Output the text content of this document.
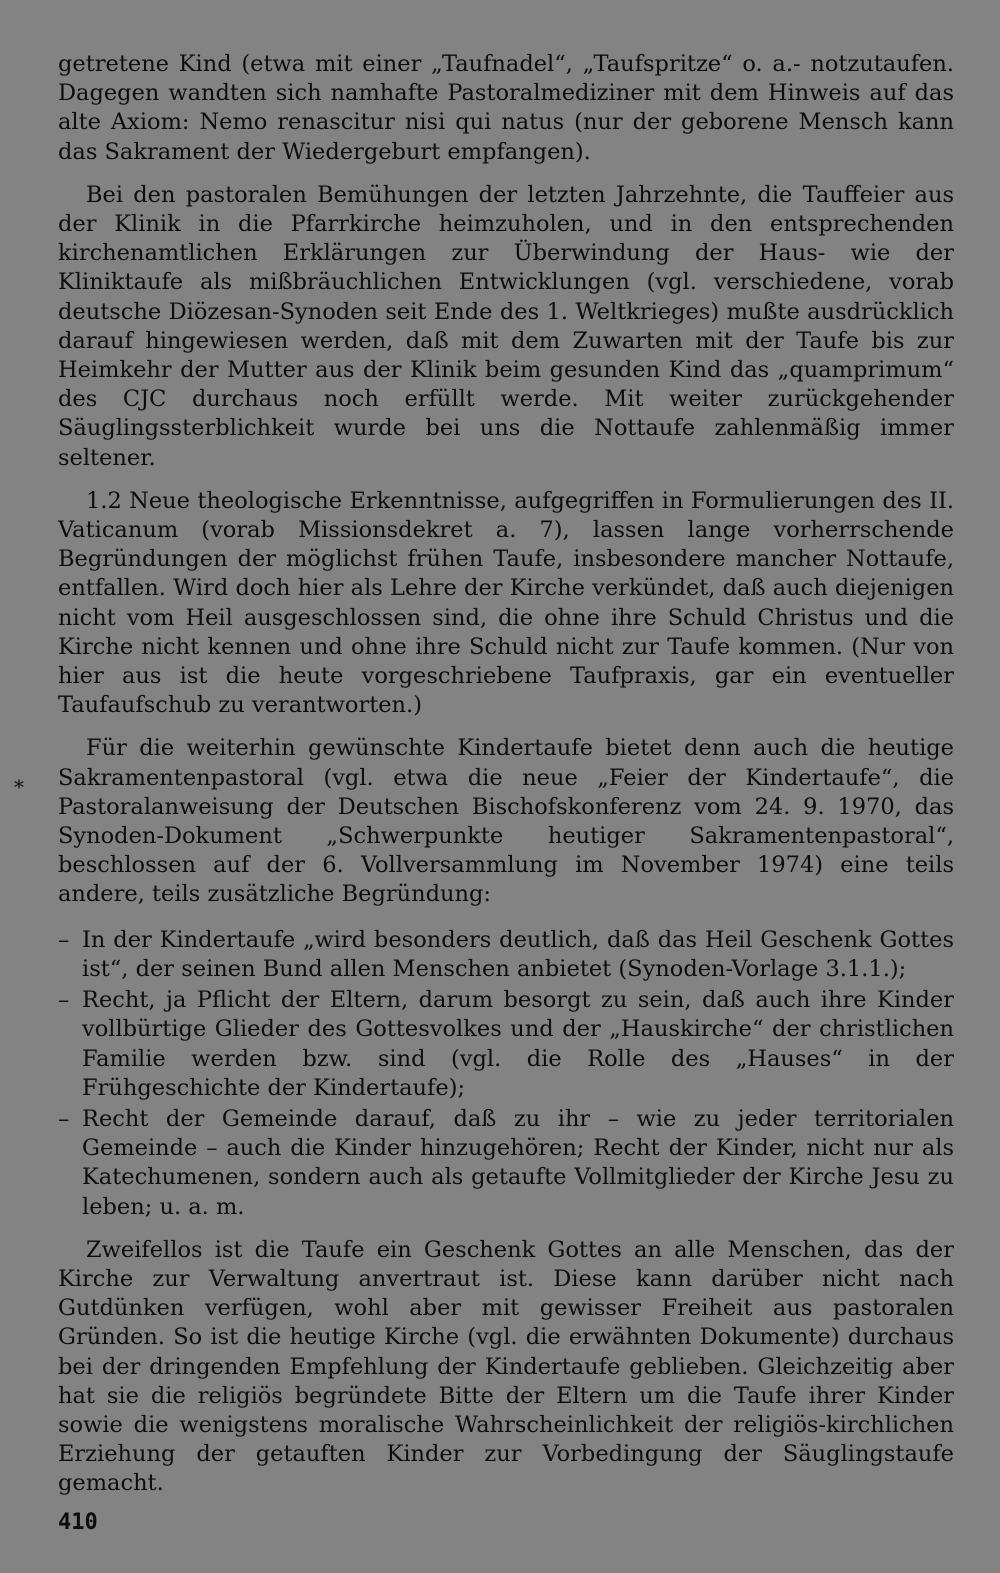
*

getretene Kind (etwa mit einer „Taufnadel“, „Taufspritze“ o. a.- notzutaufen. Dagegen wandten sich namhafte Pastoralmediziner mit dem Hinweis auf das alte Axiom: Nemo renascitur nisi qui natus (nur der geborene Mensch kann das Sakrament der Wiedergeburt empfangen).

Bei den pastoralen Bemühungen der letzten Jahrzehnte, die Tauffeier aus der Klinik in die Pfarrkirche heimzuholen, und in den entsprechenden kirchenamtlichen Erklärungen zur Überwindung der Haus- wie der Kliniktaufe als mißbräuchlichen Entwicklungen (vgl. verschiedene, vorab deutsche Diözesan-Synoden seit Ende des 1. Weltkrieges) mußte ausdrücklich darauf hingewiesen werden, daß mit dem Zuwarten mit der Taufe bis zur Heimkehr der Mutter aus der Klinik beim gesunden Kind das „quamprimum“ des CJC durchaus noch erfüllt werde. Mit weiter zurückgehender Säuglingssterblichkeit wurde bei uns die Nottaufe zahlenmäßig immer seltener.

1.2 Neue theologische Erkenntnisse, aufgegriffen in Formulierungen des II. Vaticanum (vorab Missionsdekret a. 7), lassen lange vorherrschende Begründungen der möglichst frühen Taufe, insbesondere mancher Nottaufe, entfallen. Wird doch hier als Lehre der Kirche verkündet, daß auch diejenigen nicht vom Heil ausgeschlossen sind, die ohne ihre Schuld Christus und die Kirche nicht kennen und ohne ihre Schuld nicht zur Taufe kommen. (Nur von hier aus ist die heute vorgeschriebene Taufpraxis, gar ein eventueller Taufaufschub zu verantworten.)

Für die weiterhin gewünschte Kindertaufe bietet denn auch die heutige Sakramentenpastoral (vgl. etwa die neue „Feier der Kindertaufe“, die Pastoralanweisung der Deutschen Bischofskonferenz vom 24. 9. 1970, das Synoden-Dokument „Schwerpunkte heutiger Sakramentenpastoral“, beschlossen auf der 6. Vollversammlung im November 1974) eine teils andere, teils zusätzliche Begründung:

– In der Kindertaufe „wird besonders deutlich, daß das Heil Geschenk Gottes ist“, der seinen Bund allen Menschen anbietet (Synoden-Vorlage 3.1.1.);
– Recht, ja Pflicht der Eltern, darum besorgt zu sein, daß auch ihre Kinder vollbürtige Glieder des Gottesvolkes und der „Hauskirche“ der christlichen Familie werden bzw. sind (vgl. die Rolle des „Hauses“ in der Frühgeschichte der Kindertaufe);
– Recht der Gemeinde darauf, daß zu ihr – wie zu jeder territorialen Gemeinde – auch die Kinder hinzugehören; Recht der Kinder, nicht nur als Katechumenen, sondern auch als getaufte Vollmitglieder der Kirche Jesu zu leben; u. a. m.

Zweifellos ist die Taufe ein Geschenk Gottes an alle Menschen, das der Kirche zur Verwaltung anvertraut ist. Diese kann darüber nicht nach Gutdünken verfügen, wohl aber mit gewisser Freiheit aus pastoralen Gründen. So ist die heutige Kirche (vgl. die erwähnten Dokumente) durchaus bei der dringenden Empfehlung der Kindertaufe geblieben. Gleichzeitig aber hat sie die religiös begründete Bitte der Eltern um die Taufe ihrer Kinder sowie die wenigstens moralische Wahrscheinlichkeit der religiös-kirchlichen Erziehung der getauften Kinder zur Vorbedingung der Säuglingstaufe gemacht.

410
